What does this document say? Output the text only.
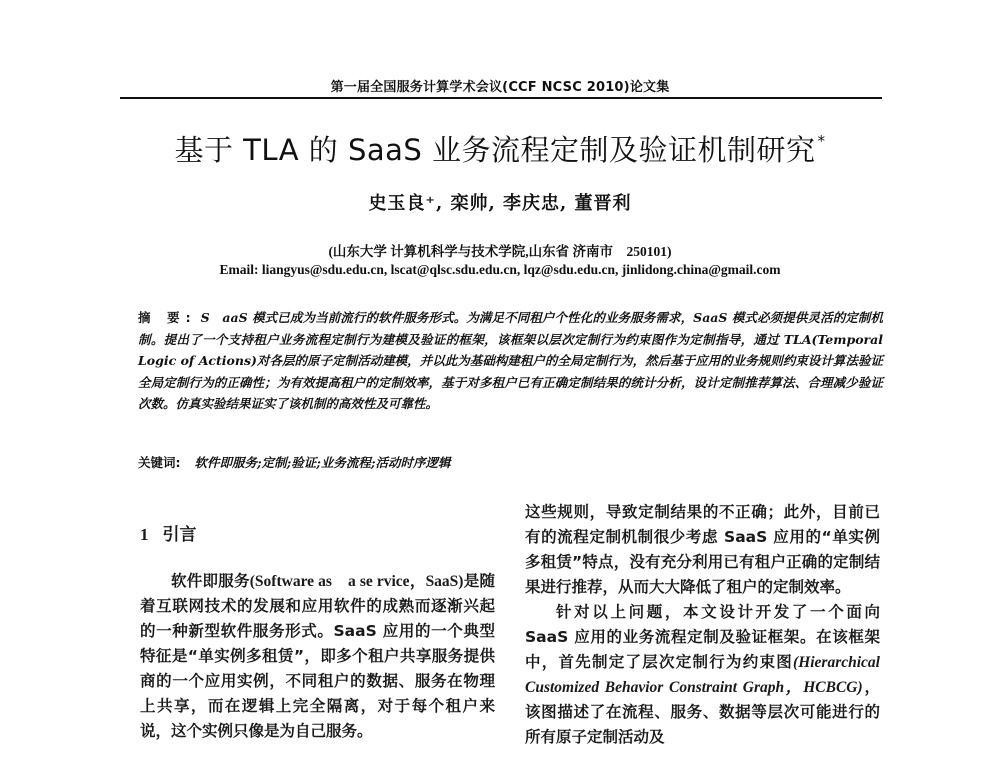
第一届全国服务计算学术会议(CCF NCSC 2010)论文集
基于 TLA 的 SaaS 业务流程定制及验证机制研究 *
史玉良⁺, 栾帅, 李庆忠, 董晋利
(山东大学 计算机科学与技术学院,山东省 济南市　250101)
Email: liangyus@sdu.edu.cn, lscat@qlsc.sdu.edu.cn, lqz@sdu.edu.cn, jinlidong.china@gmail.com
摘 要: S　aaS 模式已成为当前流行的软件服务形式。为满足不同租户个性化的业务服务需求，SaaS 模式必须提供灵活的定制机制。提出了一个支持租户业务流程定制行为建模及验证的框架，该框架以层次定制行为约束图作为定制指导，通过 TLA(Temporal Logic of Actions)对各层的原子定制活动建模，并以此为基础构建租户的全局定制行为，然后基于应用的业务规则约束设计算法验证全局定制行为的正确性；为有效提高租户的定制效率，基于对多租户已有正确定制结果的统计分析，设计定制推荐算法、合理减少验证次数。仿真实验结果证实了该机制的高效性及可靠性。
关键词: 软件即服务;定制;验证;业务流程;活动时序逻辑
1 引言

软件即服务(Software as　a se rvice，SaaS)是随着互联网技术的发展和应用软件的成熟而逐渐兴起的一种新型软件服务形式。SaaS 应用的一个典型特征是“单实例多租赁”，即多个租户共享服务提供商的一个应用实例，不同租户的数据、服务在物理上共享，而在逻辑上完全隔离，对于每个租户来说，这个实例只像是为自己服务。

这些规则，导致定制结果的不正确；此外，目前已有的流程定制机制很少考虑 SaaS 应用的“单实例多租赁”特点，没有充分利用已有租户正确的定制结果进行推荐，从而大大降低了租户的定制效率。

针对以上问题，本文设计开发了一个面向 SaaS 应用的业务流程定制及验证框架。在该框架中，首先制定了层次定制行为约束图(Hierarchical Customized Behavior Constraint Graph，HCBCG)，该图描述了在流程、服务、数据等层次可能进行的所有原子定制活动及
